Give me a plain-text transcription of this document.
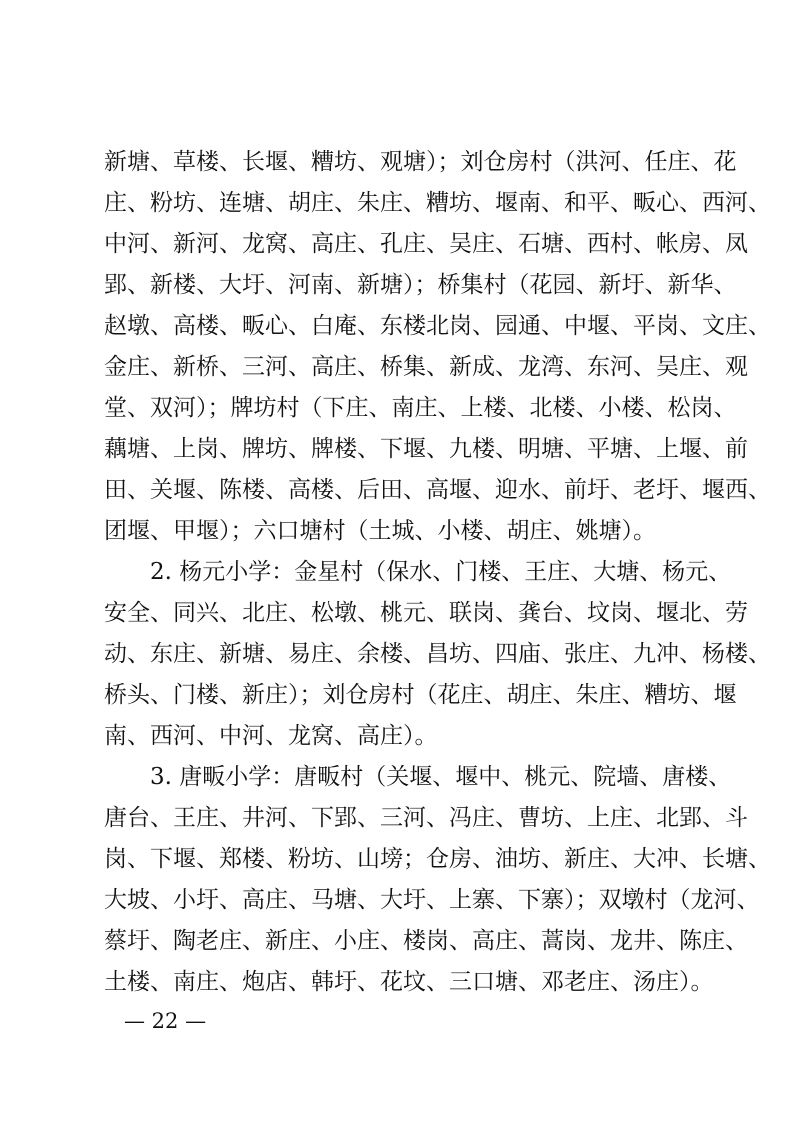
新塘、草楼、长堰、糟坊、观塘）；刘仓房村（洪河、任庄、花
庄、粉坊、连塘、胡庄、朱庄、糟坊、堰南、和平、畈心、西河、
中河、新河、龙窝、高庄、孔庄、吴庄、石塘、西村、帐房、凤
郢、新楼、大圩、河南、新塘）；桥集村（花园、新圩、新华、
赵墩、高楼、畈心、白庵、东楼北岗、园通、中堰、平岗、文庄、
金庄、新桥、三河、高庄、桥集、新成、龙湾、东河、吴庄、观
堂、双河）；牌坊村（下庄、南庄、上楼、北楼、小楼、松岗、
藕塘、上岗、牌坊、牌楼、下堰、九楼、明塘、平塘、上堰、前
田、关堰、陈楼、高楼、后田、高堰、迎水、前圩、老圩、堰西、
团堰、甲堰）；六口塘村（土城、小楼、胡庄、姚塘）。
2. 杨元小学：金星村（保水、门楼、王庄、大塘、杨元、
安全、同兴、北庄、松墩、桃元、联岗、龚台、坟岗、堰北、劳
动、东庄、新塘、易庄、余楼、昌坊、四庙、张庄、九冲、杨楼、
桥头、门楼、新庄）；刘仓房村（花庄、胡庄、朱庄、糟坊、堰
南、西河、中河、龙窝、高庄）。
3. 唐畈小学：唐畈村（关堰、堰中、桃元、院墙、唐楼、
唐台、王庄、井河、下郢、三河、冯庄、曹坊、上庄、北郢、斗
岗、下堰、郑楼、粉坊、山塝；仓房、油坊、新庄、大冲、长塘、
大坡、小圩、高庄、马塘、大圩、上寨、下寨）；双墩村（龙河、
蔡圩、陶老庄、新庄、小庄、楼岗、高庄、蒿岗、龙井、陈庄、
土楼、南庄、炮店、韩圩、花坟、三口塘、邓老庄、汤庄）。
— 22 —
